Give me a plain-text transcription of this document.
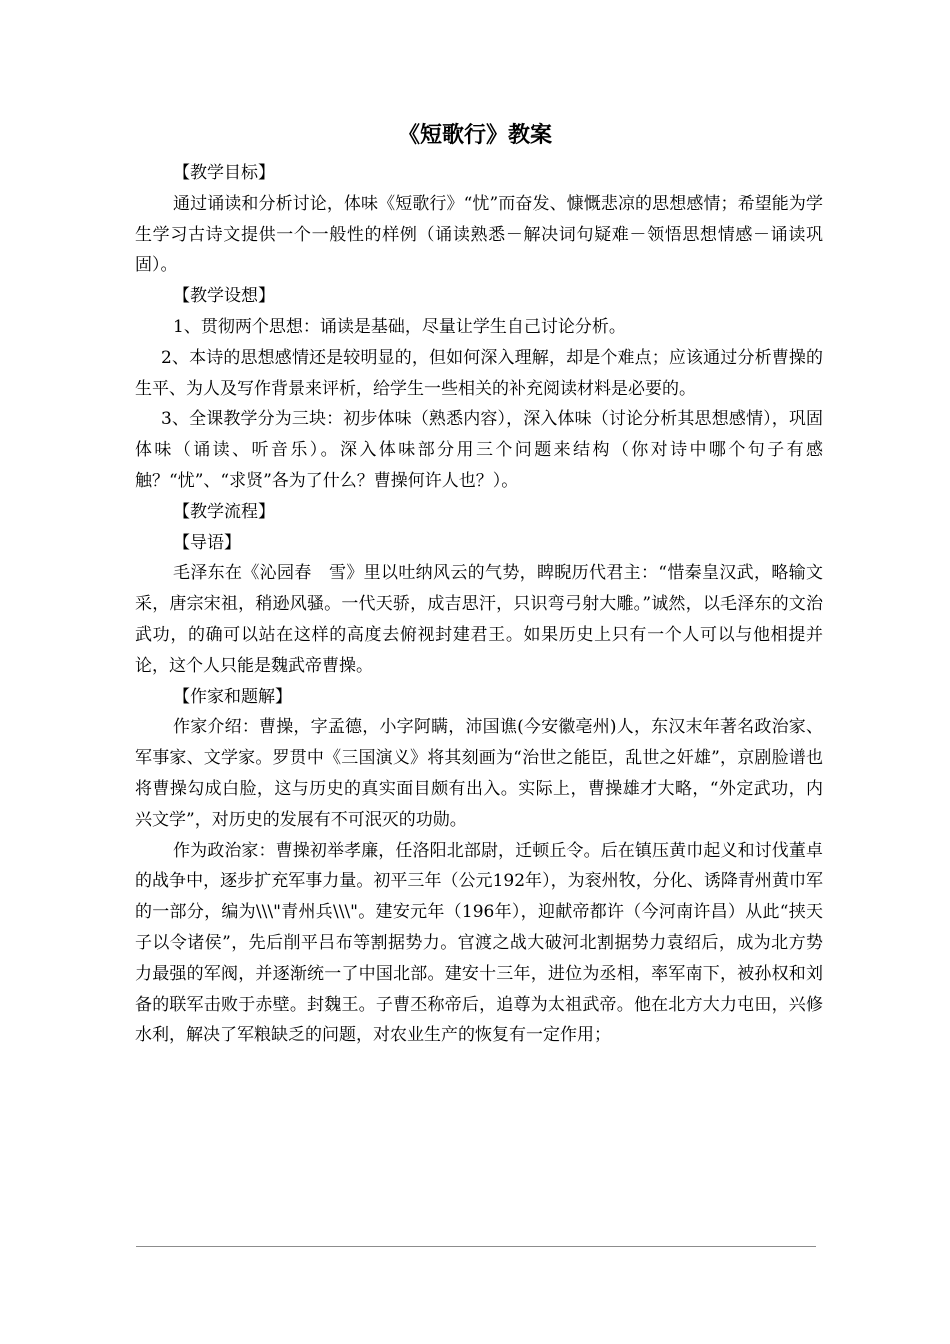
《短歌行》教案

【教学目标】

通过诵读和分析讨论，体味《短歌行》“忧”而奋发、慷慨悲凉的思想感情；希望能为学生学习古诗文提供一个一般性的样例（诵读熟悉－解决词句疑难－领悟思想情感－诵读巩固）。

【教学设想】

1、贯彻两个思想：诵读是基础，尽量让学生自己讨论分析。

2、本诗的思想感情还是较明显的，但如何深入理解，却是个难点；应该通过分析曹操的生平、为人及写作背景来评析，给学生一些相关的补充阅读材料是必要的。

3、全课教学分为三块：初步体味（熟悉内容），深入体味（讨论分析其思想感情），巩固体味（诵读、听音乐）。深入体味部分用三个问题来结构（你对诗中哪个句子有感触？“忧”、“求贤”各为了什么？曹操何许人也？）。

【教学流程】

【导语】

毛泽东在《沁园春　雪》里以吐纳风云的气势，睥睨历代君主：“惜秦皇汉武，略输文采，唐宗宋祖，稍逊风骚。一代天骄，成吉思汗，只识弯弓射大雕。”诚然，以毛泽东的文治武功，的确可以站在这样的高度去俯视封建君王。如果历史上只有一个人可以与他相提并论，这个人只能是魏武帝曹操。

【作家和题解】

作家介绍：曹操，字孟德，小字阿瞒，沛国谯(今安徽亳州)人，东汉末年著名政治家、军事家、文学家。罗贯中《三国演义》将其刻画为“治世之能臣，乱世之奸雄”，京剧脸谱也将曹操勾成白脸，这与历史的真实面目颇有出入。实际上，曹操雄才大略，“外定武功，内兴文学”，对历史的发展有不可泯灭的功勋。

作为政治家：曹操初举孝廉，任洛阳北部尉，迁顿丘令。后在镇压黄巾起义和讨伐董卓的战争中，逐步扩充军事力量。初平三年（公元192年），为衮州牧，分化、诱降青州黄巾军的一部分，编为\\\"青州兵\\\"。建安元年（196年），迎献帝都许（今河南许昌）从此“挟天子以令诸侯”，先后削平吕布等割据势力。官渡之战大破河北割据势力袁绍后，成为北方势力最强的军阀，并逐渐统一了中国北部。建安十三年，进位为丞相，率军南下，被孙权和刘备的联军击败于赤壁。封魏王。子曹丕称帝后，追尊为太祖武帝。他在北方大力屯田，兴修水利，解决了军粮缺乏的问题，对农业生产的恢复有一定作用；
